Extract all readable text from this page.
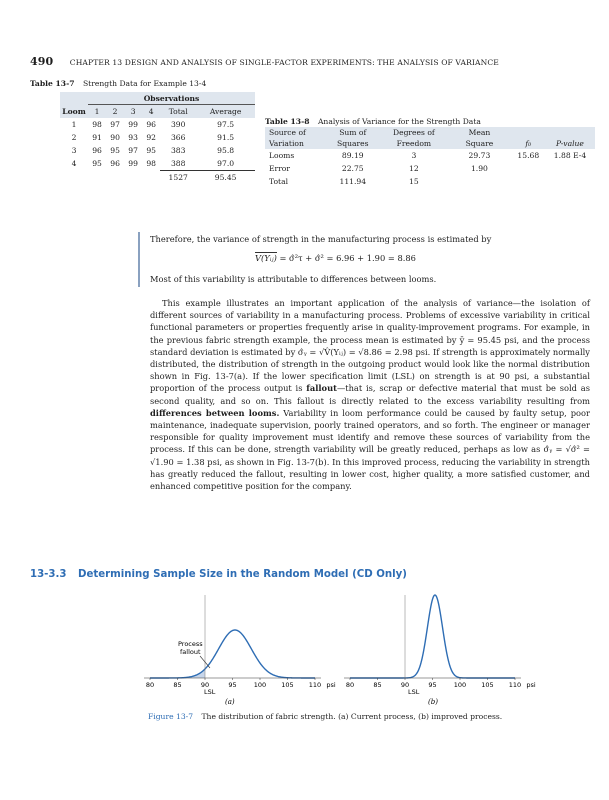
490 CHAPTER 13 DESIGN AND ANALYSIS OF SINGLE-FACTOR EXPERIMENTS: THE ANALYSIS OF VARIANCE
Table 13-7 Strength Data for Example 13-4
	Observations					
Loom	1	2	3	4	Total	Average
1	98	97	99	96	390	97.5
2	91	90	93	92	366	91.5
3	96	95	97	95	383	95.8
4	95	96	99	98	388	97.0
					1527	95.45
Table 13-8 Analysis of Variance for the Strength Data
Source of	Sum of	Degrees of	Mean		
Variation	Squares	Freedom	Square	f₀	P-value
Looms	89.19	3	29.73	15.68	1.88 E-4
Error	22.75	12	1.90		
Total	111.94	15			
Therefore, the variance of strength in the manufacturing process is estimated by
V(Yᵢⱼ) = σ̂²τ + σ̂² = 6.96 + 1.90 = 8.86
Most of this variability is attributable to differences between looms.

This example illustrates an important application of the analysis of variance—the isolation of different sources of variability in a manufacturing process. Problems of excessive variability in critical functional parameters or properties frequently arise in quality-improvement programs. For example, in the previous fabric strength example, the process mean is estimated by ȳ = 95.45 psi, and the process standard deviation is estimated by σ̂ᵧ = √V̂(Yᵢⱼ) = √8.86 = 2.98 psi. If strength is approximately normally distributed, the distribution of strength in the outgoing product would look like the normal distribution shown in Fig. 13-7(a). If the lower specification limit (LSL) on strength is at 90 psi, a substantial proportion of the process output is fallout—that is, scrap or defective material that must be sold as second quality, and so on. This fallout is directly related to the excess variability resulting from differences between looms. Variability in loom performance could be caused by faulty setup, poor maintenance, inadequate supervision, poorly trained operators, and so forth. The engineer or manager responsible for quality improvement must identify and remove these sources of variability from the process. If this can be done, strength variability will be greatly reduced, perhaps as low as σ̂ᵧ = √σ̂² = √1.90 = 1.38 psi, as shown in Fig. 13-7(b). In this improved process, reducing the variability in strength has greatly reduced the fallout, resulting in lower cost, higher quality, a more satisfied customer, and enhanced competitive position for the company.

13-3.3 Determining Sample Size in the Random Model (CD Only)
80	85	90	95	100 105 110 psi 80	85	90	95	100 105 110 psi
Process
fallout
LSL	LSL
(a)	(b)
Figure 13-7 The distribution of fabric strength. (a) Current process, (b) improved process.
